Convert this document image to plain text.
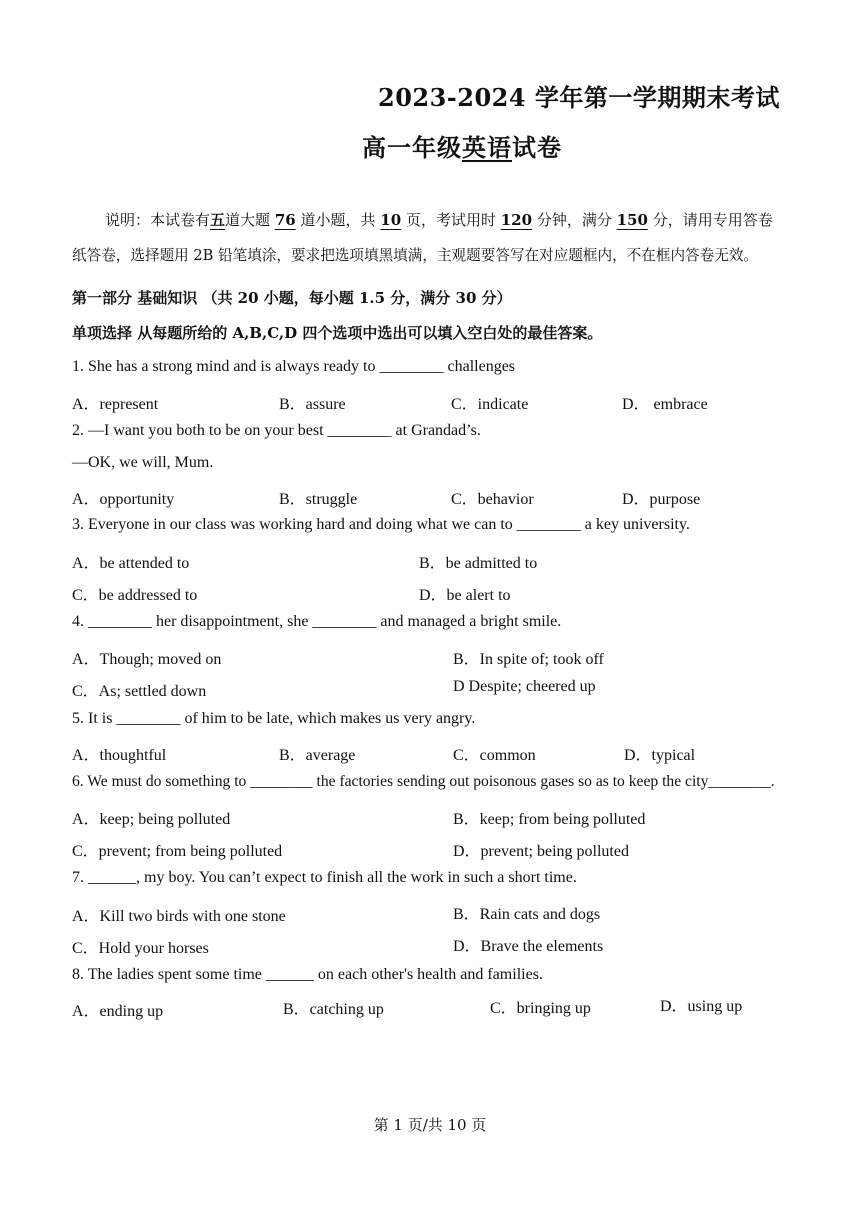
2023-2024 学年第一学期期末考试
高一年级英语试卷
说明：本试卷有五道大题 76 道小题，共 10 页，考试用时 120 分钟，满分 150 分，请用专用答卷
纸答卷，选择题用 2B 铅笔填涂，要求把选项填黑填满，主观题要答写在对应题框内，不在框内答卷无效。
第一部分 基础知识 （共 20 小题，每小题 1.5 分，满分 30 分）
单项选择 从每题所给的 A,B,C,D 四个选项中选出可以填入空白处的最佳答案。
1. She has a strong mind and is always ready to ________ challenges
A．represent	B．assure	C．indicate	D． embrace
2. —I want you both to be on your best ________ at Grandad’s.
—OK, we will, Mum.
A．opportunity	B．struggle	C．behavior	D．purpose
3. Everyone in our class was working hard and doing what we can to ________ a key university.
A．be attended to	B．be admitted to
C．be addressed to	D．be alert to
4. ________ her disappointment, she ________ and managed a bright smile.
A．Though; moved on	B．In spite of; took off
C．As; settled down	D Despite; cheered up
5. It is ________ of him to be late, which makes us very angry.
A．thoughtful	B．average	C．common	D．typical
6. We must do something to ________ the factories sending out poisonous gases so as to keep the city________.
A．keep; being polluted	B．keep; from being polluted
C．prevent; from being polluted	D．prevent; being polluted
7. ______, my boy. You can’t expect to finish all the work in such a short time.
A．Kill two birds with one stone	B．Rain cats and dogs
C．Hold your horses	D．Brave the elements
8. The ladies spent some time ______ on each other's health and families.
A．ending up	B．catching up	C．bringing up	D．using up
第 1 页/共 10 页
